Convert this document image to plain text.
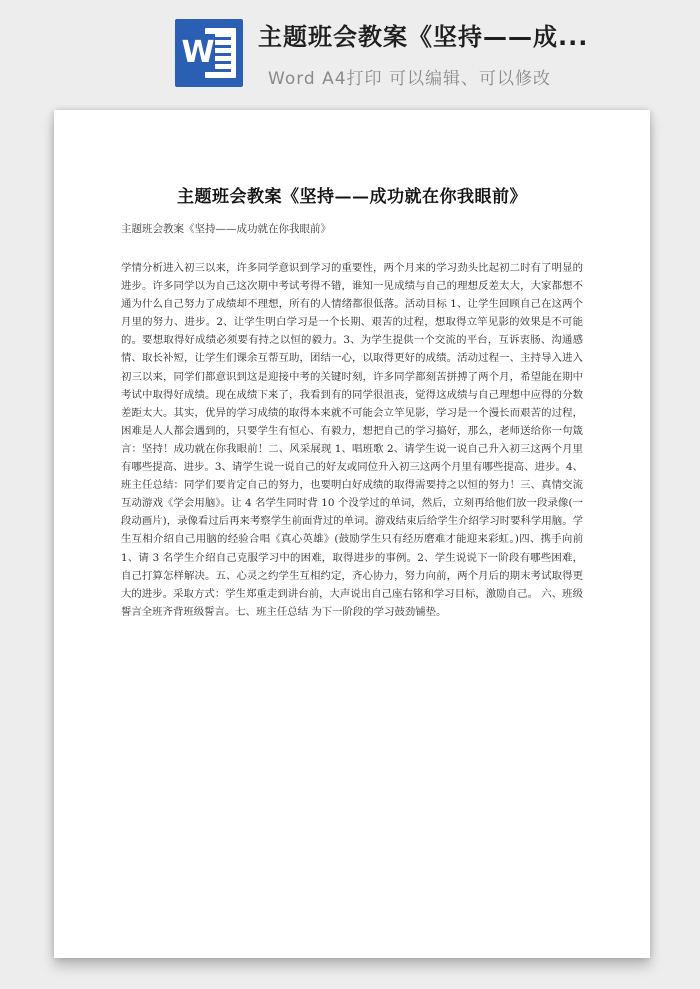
W 主题班会教案《坚持——成...
Word A4打印 可以编辑、可以修改
主题班会教案《坚持——成功就在你我眼前》
主题班会教案《坚持——成功就在你我眼前》
学情分析进入初三以来，许多同学意识到学习的重要性，两个月来的学习劲头比起初二时有了明显的进步。许多同学以为自己这次期中考试考得不错，谁知一见成绩与自己的理想反差太大，大家都想不通为什么自己努力了成绩却不理想，所有的人情绪都很低落。活动目标 1、让学生回顾自己在这两个月里的努力、进步。2、让学生明白学习是一个长期、艰苦的过程，想取得立竿见影的效果是不可能的。要想取得好成绩必须要有持之以恒的毅力。3、为学生提供一个交流的平台，互诉衷肠、沟通感情、取长补短，让学生们课余互帮互助，团结一心，以取得更好的成绩。活动过程一、主持导入进入初三以来，同学们都意识到这是迎接中考的关键时刻，许多同学都刻苦拼搏了两个月，希望能在期中考试中取得好成绩。现在成绩下来了，我看到有的同学很沮丧，觉得这成绩与自己理想中应得的分数差距太大。其实，优异的学习成绩的取得本来就不可能会立竿见影，学习是一个漫长而艰苦的过程，困难是人人都会遇到的，只要学生有恒心、有毅力，想把自己的学习搞好，那么，老师送给你一句箴言：坚持！成功就在你我眼前！二、风采展现 1、唱班歌 2、请学生说一说自己升入初三这两个月里有哪些提高、进步。3、请学生说一说自己的好友或同位升入初三这两个月里有哪些提高、进步。4、班主任总结：同学们要肯定自己的努力，也要明白好成绩的取得需要持之以恒的努力！三、真情交流 互动游戏《学会用脑》。让 4 名学生同时背 10 个没学过的单词，然后，立刻再给他们放一段录像(一段动画片)，录像看过后再来考察学生前面背过的单词。游戏结束后给学生介绍学习时要科学用脑。学生互相介绍自己用脑的经验合唱《真心英雄》(鼓励学生只有经历磨难才能迎来彩虹。)四、携手向前 1、请 3 名学生介绍自己克服学习中的困难，取得进步的事例。2、学生说说下一阶段有哪些困难，自己打算怎样解决。五、心灵之约学生互相约定，齐心协力，努力向前，两个月后的期末考试取得更大的进步。采取方式：学生郑重走到讲台前，大声说出自己座右铭和学习目标，激励自己。 六、班级誓言全班齐背班级誓言。七、班主任总结 为下一阶段的学习鼓劲铺垫。
